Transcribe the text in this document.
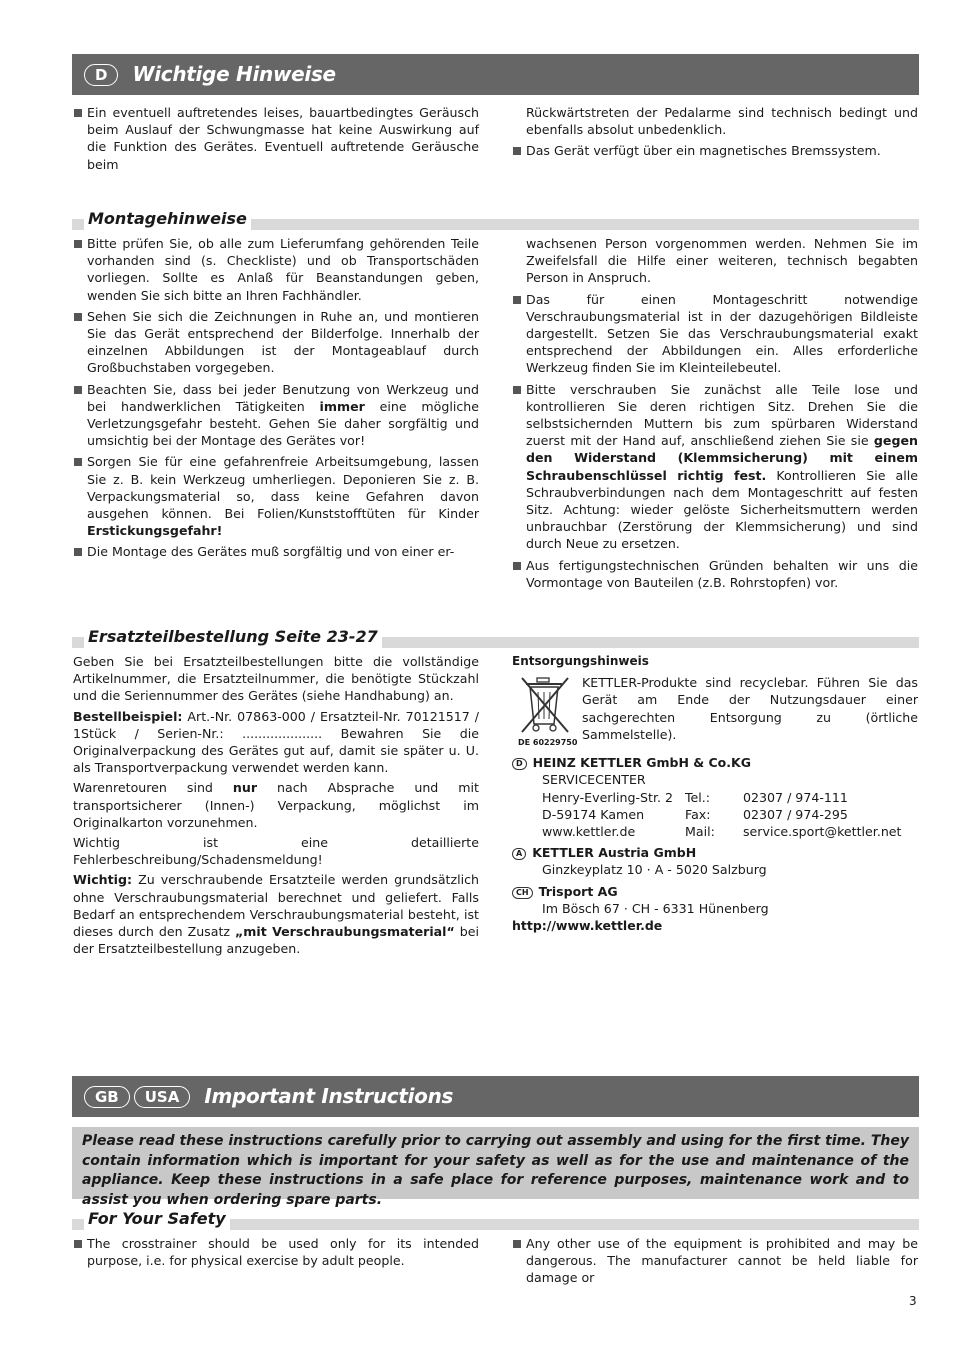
D	Wichtige Hinweise
Ein eventuell auftretendes leises, bauartbedingtes Geräusch beim Auslauf der Schwungmasse hat keine Auswirkung auf die Funktion des Gerätes. Eventuell auftretende Geräusche beim
Rückwärtstreten der Pedalarme sind technisch bedingt und ebenfalls absolut unbedenklich.
Das Gerät verfügt über ein magnetisches Bremssystem.
Montagehinweise
Bitte prüfen Sie, ob alle zum Lieferumfang gehörenden Teile vorhanden sind (s. Checkliste) und ob Transportschäden vorliegen. Sollte es Anlaß für Beanstandungen geben, wenden Sie sich bitte an Ihren Fachhändler.
Sehen Sie sich die Zeichnungen in Ruhe an, und montieren Sie das Gerät entsprechend der Bilderfolge. Innerhalb der einzelnen Abbildungen ist der Montageablauf durch Großbuchstaben vorgegeben.
Beachten Sie, dass bei jeder Benutzung von Werkzeug und bei handwerklichen Tätigkeiten immer eine mögliche Verletzungsgefahr besteht. Gehen Sie daher sorgfältig und umsichtig bei der Montage des Gerätes vor!
Sorgen Sie für eine gefahrenfreie Arbeitsumgebung, lassen Sie z. B. kein Werkzeug umherliegen. Deponieren Sie z. B. Verpackungsmaterial so, dass keine Gefahren davon ausgehen können. Bei Folien/Kunststofftüten für Kinder Erstickungsgefahr!
Die Montage des Gerätes muß sorgfältig und von einer er-
wachsenen Person vorgenommen werden. Nehmen Sie im Zweifelsfall die Hilfe einer weiteren, technisch begabten Person in Anspruch.
Das für einen Montageschritt notwendige Verschraubungsmaterial ist in der dazugehörigen Bildleiste dargestellt. Setzen Sie das Verschraubungsmaterial exakt entsprechend der Abbildungen ein. Alles erforderliche Werkzeug finden Sie im Kleinteilebeutel.
Bitte verschrauben Sie zunächst alle Teile lose und kontrollieren Sie deren richtigen Sitz. Drehen Sie die selbstsichernden Muttern bis zum spürbaren Widerstand zuerst mit der Hand auf, anschließend ziehen Sie sie gegen den Widerstand (Klemmsicherung) mit einem Schraubenschlüssel richtig fest. Kontrollieren Sie alle Schraubverbindungen nach dem Montageschritt auf festen Sitz. Achtung: wieder gelöste Sicherheitsmuttern werden unbrauchbar (Zerstörung der Klemmsicherung) und sind durch Neue zu ersetzen.
Aus fertigungstechnischen Gründen behalten wir uns die Vormontage von Bauteilen (z.B. Rohrstopfen) vor.
Ersatzteilbestellung Seite 23-27

Geben Sie bei Ersatzteilbestellungen bitte die vollständige Artikelnummer, die Ersatzteilnummer, die benötigte Stückzahl und die Seriennummer des Gerätes (siehe Handhabung) an.

Bestellbeispiel: Art.-Nr. 07863-000 / Ersatzteil-Nr. 70121517 / 1Stück / Serien-Nr.: .................... Bewahren Sie die Originalverpackung des Gerätes gut auf, damit sie später u. U. als Transportverpackung verwendet werden kann.

Warenretouren sind nur nach Absprache und mit transportsicherer (Innen-) Verpackung, möglichst im Originalkarton vorzunehmen.

Wichtig ist eine detaillierte Fehlerbeschreibung/Schadensmeldung!

Wichtig: Zu verschraubende Ersatzteile werden grundsätzlich ohne Verschraubungsmaterial berechnet und geliefert. Falls Bedarf an entsprechendem Verschraubungsmaterial besteht, ist dieses durch den Zusatz „mit Verschraubungsmaterial“ bei der Ersatzteilbestellung anzugeben.

Entsorgungshinweis
DE 60229750
KETTLER-Produkte sind recyclebar. Führen Sie das Gerät am Ende der Nutzungsdauer einer sachgerechten Entsorgung zu (örtliche Sammelstelle).
D HEINZ KETTLER GmbH & Co.KG
SERVICECENTER
Henry-Everling-Str. 2 Tel.:	02307 / 974-111
D-59174 Kamen	Fax:	02307 / 974-295
www.kettler.de	Mail:	service.sport@kettler.net
A KETTLER Austria GmbH
Ginzkeyplatz 10 · A - 5020 Salzburg
CH Trisport AG
Im Bösch 67 · CH - 6331 Hünenberg
http://www.kettler.de
GB	USA	Important Instructions
Please read these instructions carefully prior to carrying out assembly and using for the first time. They contain information which is important for your safety as well as for the use and maintenance of the appliance. Keep these instructions in a safe place for reference purposes, maintenance work and to assist you when ordering spare parts.
For Your Safety
The crosstrainer should be used only for its intended purpose, i.e. for physical exercise by adult people.
Any other use of the equipment is prohibited and may be dangerous. The manufacturer cannot be held liable for damage or
3
